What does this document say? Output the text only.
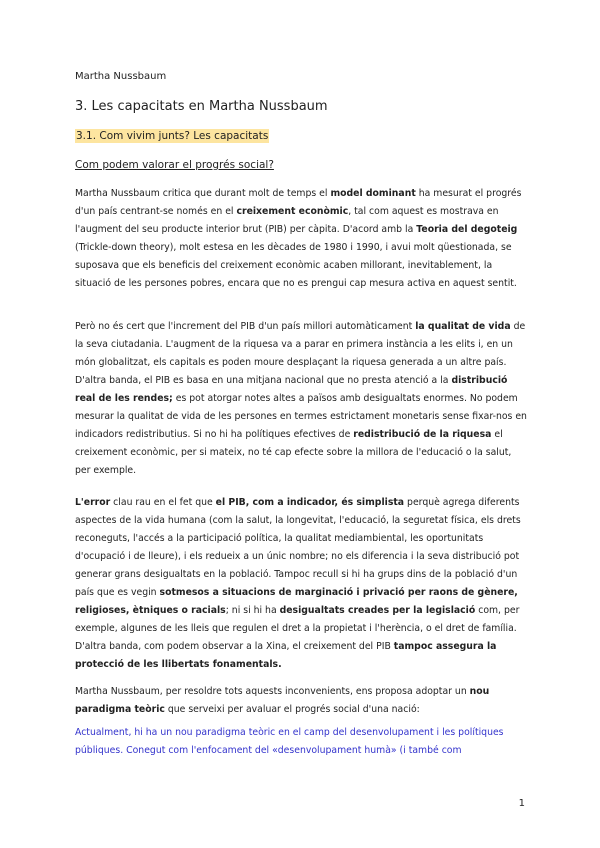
Martha Nussbaum
3. Les capacitats en Martha Nussbaum
3.1. Com vivim junts? Les capacitats
Com podem valorar el progrés social?

Martha Nussbaum critica que durant molt de temps el model dominant ha mesurat el progrés d'un país centrant-se només en el creixement econòmic, tal com aquest es mostrava en l'augment del seu producte interior brut (PIB) per càpita. D'acord amb la Teoria del degoteig (Trickle-down theory), molt estesa en les dècades de 1980 i 1990, i avui molt qüestionada, se suposava que els beneficis del creixement econòmic acaben millorant, inevitablement, la situació de les persones pobres, encara que no es prengui cap mesura activa en aquest sentit.

Però no és cert que l'increment del PIB d'un país millori automàticament la qualitat de vida de la seva ciutadania. L'augment de la riquesa va a parar en primera instància a les elits i, en un món globalitzat, els capitals es poden moure desplaçant la riquesa generada a un altre país. D'altra banda, el PIB es basa en una mitjana nacional que no presta atenció a la distribució real de les rendes; es pot atorgar notes altes a països amb desigualtats enormes. No podem mesurar la qualitat de vida de les persones en termes estrictament monetaris sense fixar-nos en indicadors redistributius. Si no hi ha polítiques efectives de redistribució de la riquesa el creixement econòmic, per si mateix, no té cap efecte sobre la millora de l'educació o la salut, per exemple.

L'error clau rau en el fet que el PIB, com a indicador, és simplista perquè agrega diferents aspectes de la vida humana (com la salut, la longevitat, l'educació, la seguretat física, els drets reconeguts, l'accés a la participació política, la qualitat mediambiental, les oportunitats d'ocupació i de lleure), i els redueix a un únic nombre; no els diferencia i la seva distribució pot generar grans desigualtats en la població. Tampoc recull si hi ha grups dins de la població d'un país que es vegin sotmesos a situacions de marginació i privació per raons de gènere, religioses, ètniques o racials; ni si hi ha desigualtats creades per la legislació com, per exemple, algunes de les lleis que regulen el dret a la propietat i l'herència, o el dret de família. D'altra banda, com podem observar a la Xina, el creixement del PIB tampoc assegura la protecció de les llibertats fonamentals.

Martha Nussbaum, per resoldre tots aquests inconvenients, ens proposa adoptar un nou paradigma teòric que serveixi per avaluar el progrés social d'una nació:

Actualment, hi ha un nou paradigma teòric en el camp del desenvolupament i les polítiques públiques. Conegut com l'enfocament del «desenvolupament humà» (i també com

1
